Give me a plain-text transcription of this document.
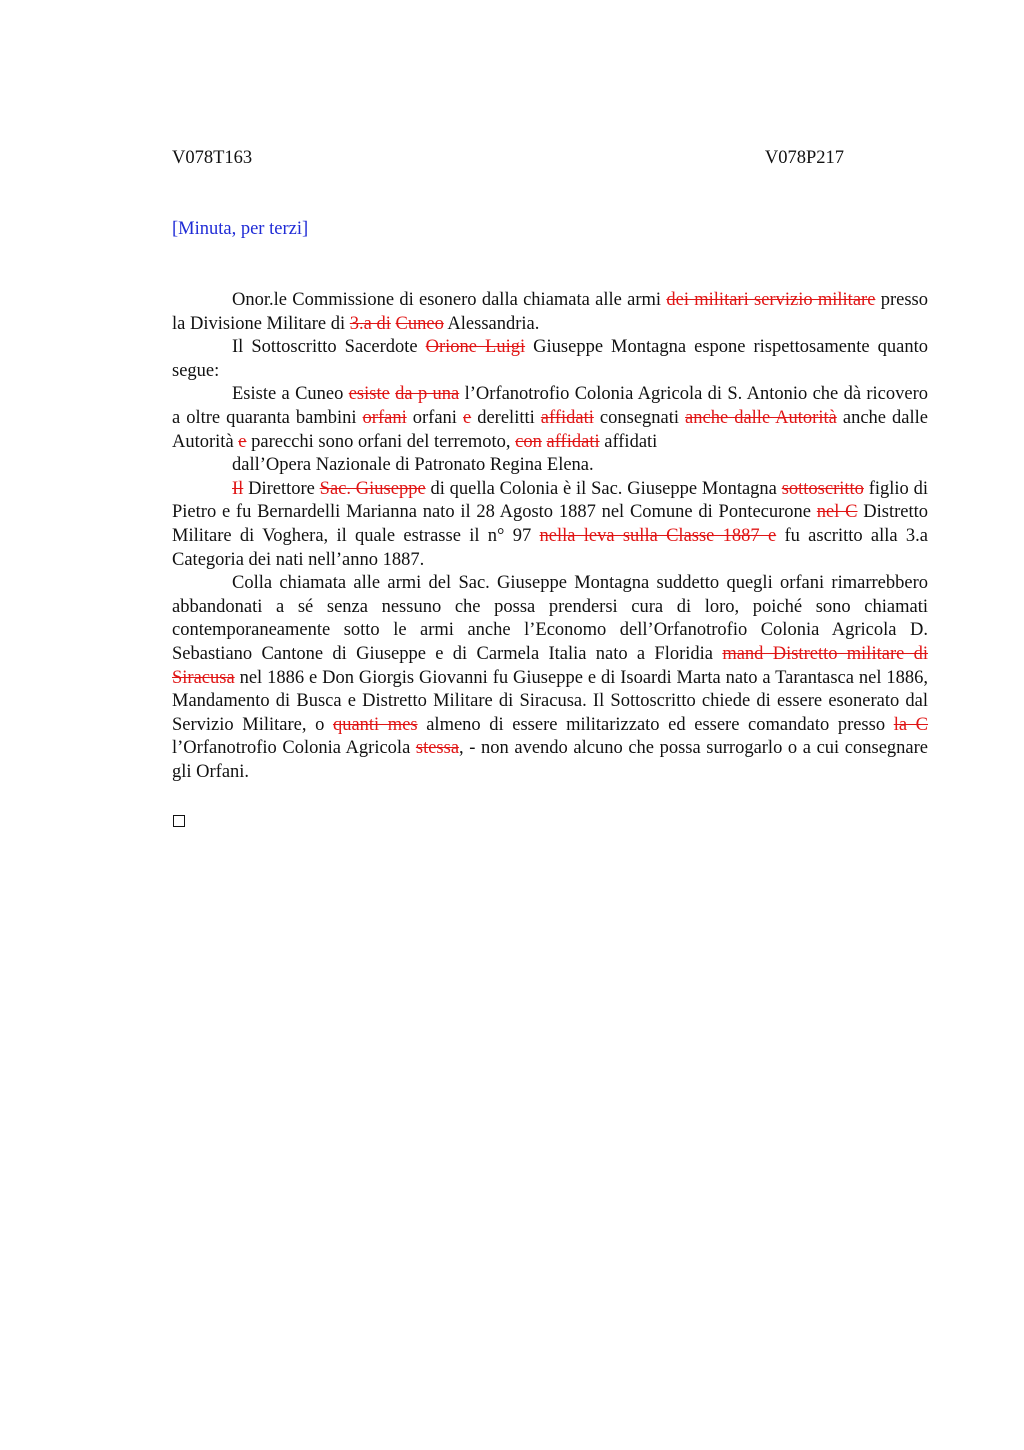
V078T163	V078P217
[Minuta, per terzi]

Onor.le Commissione di esonero dalla chiamata alle armi dei militari servizio militare presso la Divisione Militare di 3.a di Cuneo Alessandria.

Il Sottoscritto Sacerdote Orione Luigi Giuseppe Montagna espone rispettosamente quanto segue:

Esiste a Cuneo esiste da p una l’Orfanotrofio Colonia Agricola di S. Antonio che dà ricovero a oltre quaranta bambini orfani orfani e derelitti affidati consegnati anche dalle Autorità anche dalle Autorità e parecchi sono orfani del terremoto, con affidati affidati

dall’Opera Nazionale di Patronato Regina Elena.

Il Direttore Sac. Giuseppe di quella Colonia è il Sac. Giuseppe Montagna sottoscritto figlio di Pietro e fu Bernardelli Marianna nato il 28 Agosto 1887 nel Comune di Pontecurone nel C Distretto Militare di Voghera, il quale estrasse il n° 97 nella leva sulla Classe 1887 e fu ascritto alla 3.a Categoria dei nati nell’anno 1887.

Colla chiamata alle armi del Sac. Giuseppe Montagna suddetto quegli orfani rimarrebbero abbandonati a sé senza nessuno che possa prendersi cura di loro, poiché sono chiamati contemporaneamente sotto le armi anche l’Economo dell’Orfanotrofio Colonia Agricola D. Sebastiano Cantone di Giuseppe e di Carmela Italia nato a Floridia mand Distretto militare di Siracusa nel 1886 e Don Giorgis Giovanni fu Giuseppe e di Isoardi Marta nato a Tarantasca nel 1886, Mandamento di Busca e Distretto Militare di Siracusa. Il Sottoscritto chiede di essere esonerato dal Servizio Militare, o quanti mes almeno di essere militarizzato ed essere comandato presso la C l’Orfanotrofio Colonia Agricola stessa, - non avendo alcuno che possa surrogarlo o a cui consegnare gli Orfani.
